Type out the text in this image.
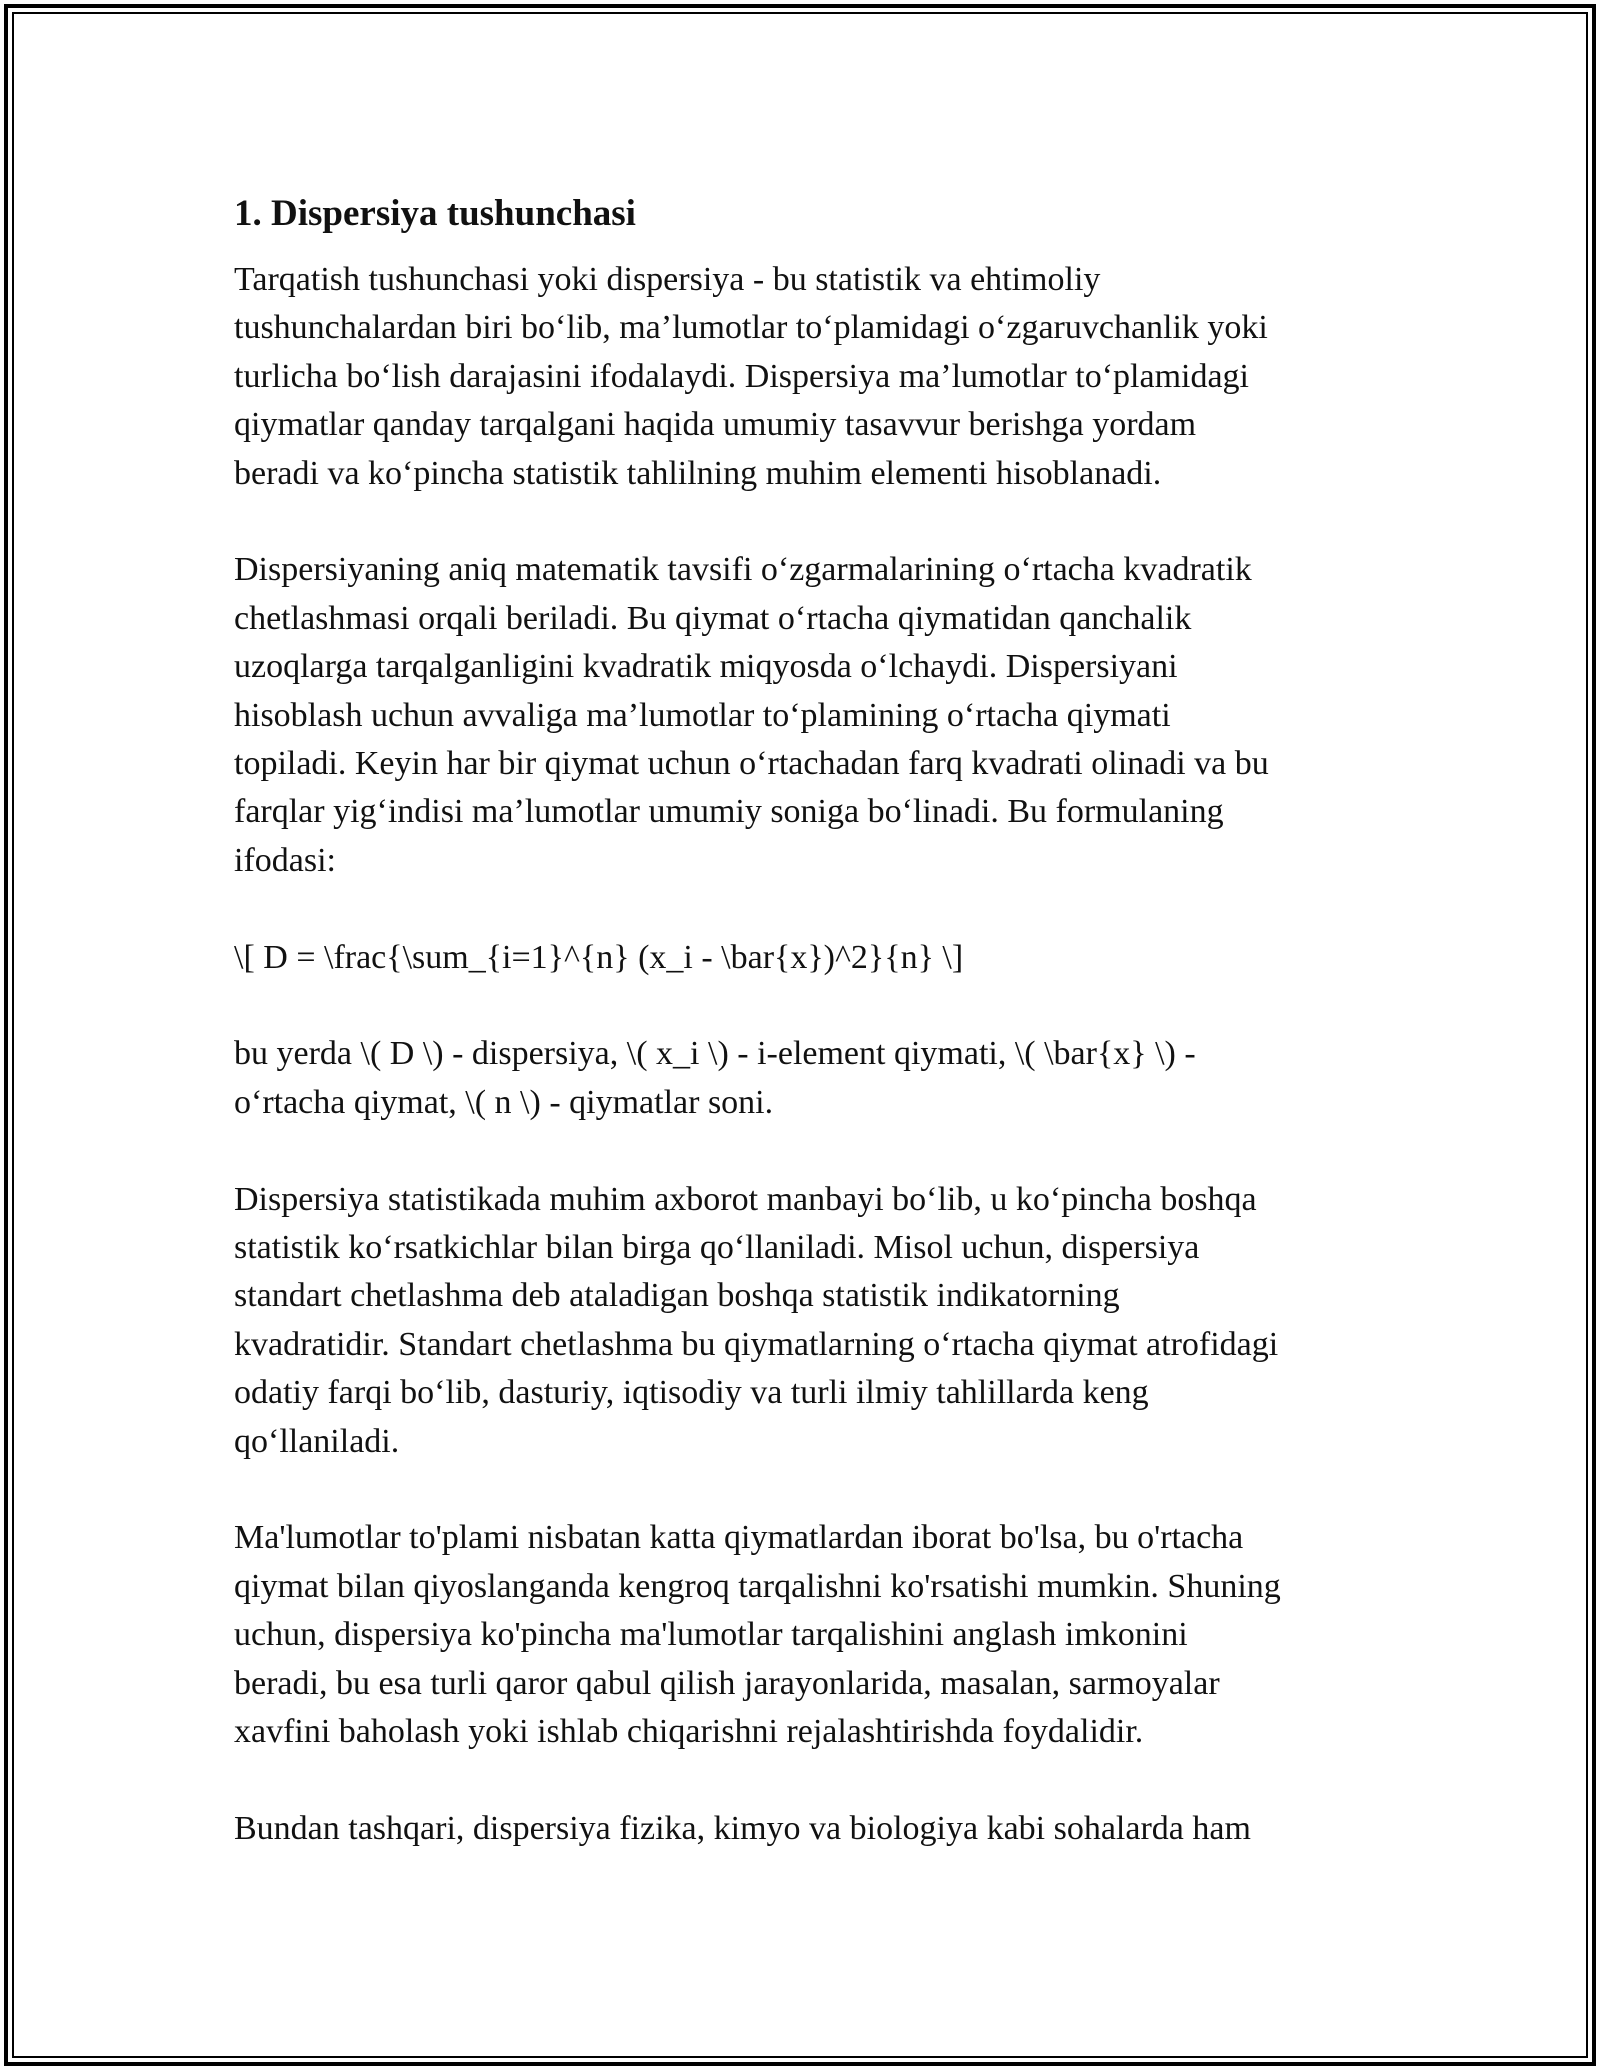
1. Dispersiya tushunchasi

Tarqatish tushunchasi yoki dispersiya - bu statistik va ehtimoliy
tushunchalardan biri bo‘lib, ma’lumotlar to‘plamidagi o‘zgaruvchanlik yoki
turlicha bo‘lish darajasini ifodalaydi. Dispersiya ma’lumotlar to‘plamidagi
qiymatlar qanday tarqalgani haqida umumiy tasavvur berishga yordam
beradi va ko‘pincha statistik tahlilning muhim elementi hisoblanadi.

Dispersiyaning aniq matematik tavsifi o‘zgarmalarining o‘rtacha kvadratik
chetlashmasi orqali beriladi. Bu qiymat o‘rtacha qiymatidan qanchalik
uzoqlarga tarqalganligini kvadratik miqyosda o‘lchaydi. Dispersiyani
hisoblash uchun avvaliga ma’lumotlar to‘plamining o‘rtacha qiymati
topiladi. Keyin har bir qiymat uchun o‘rtachadan farq kvadrati olinadi va bu
farqlar yig‘indisi ma’lumotlar umumiy soniga bo‘linadi. Bu formulaning
ifodasi:

\[ D = \frac{\sum_{i=1}^{n} (x_i - \bar{x})^2}{n} \]

bu yerda \( D \) - dispersiya, \( x_i \) - i-element qiymati, \( \bar{x} \) -
o‘rtacha qiymat, \( n \) - qiymatlar soni.

Dispersiya statistikada muhim axborot manbayi bo‘lib, u ko‘pincha boshqa
statistik ko‘rsatkichlar bilan birga qo‘llaniladi. Misol uchun, dispersiya
standart chetlashma deb ataladigan boshqa statistik indikatorning
kvadratidir. Standart chetlashma bu qiymatlarning o‘rtacha qiymat atrofidagi
odatiy farqi bo‘lib, dasturiy, iqtisodiy va turli ilmiy tahlillarda keng
qo‘llaniladi.

Ma'lumotlar to'plami nisbatan katta qiymatlardan iborat bo'lsa, bu o'rtacha
qiymat bilan qiyoslanganda kengroq tarqalishni ko'rsatishi mumkin. Shuning
uchun, dispersiya ko'pincha ma'lumotlar tarqalishini anglash imkonini
beradi, bu esa turli qaror qabul qilish jarayonlarida, masalan, sarmoyalar
xavfini baholash yoki ishlab chiqarishni rejalashtirishda foydalidir.

Bundan tashqari, dispersiya fizika, kimyo va biologiya kabi sohalarda ham
